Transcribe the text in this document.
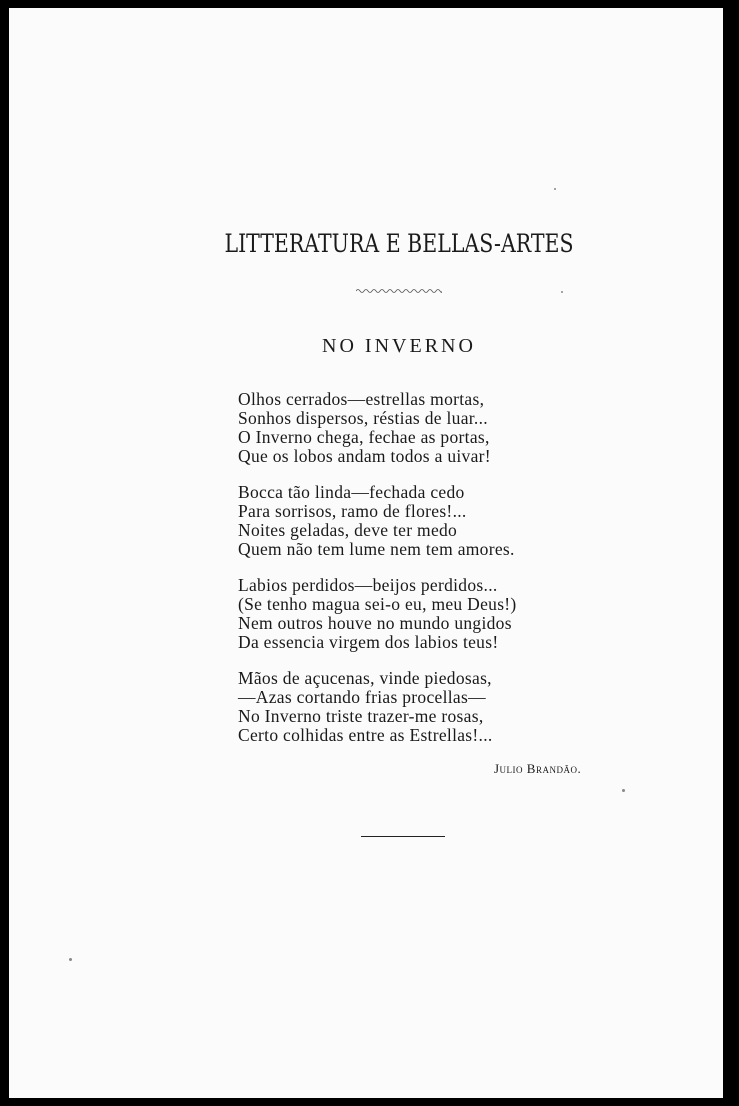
LITTERATURA E BELLAS-ARTES
NO INVERNO
Olhos cerrados—estrellas mortas,
Sonhos dispersos, réstias de luar...
O Inverno chega, fechae as portas,
Que os lobos andam todos a uivar!
Bocca tão linda—fechada cedo
Para sorrisos, ramo de flores!...
Noites geladas, deve ter medo
Quem não tem lume nem tem amores.
Labios perdidos—beijos perdidos...
(Se tenho magua sei-o eu, meu Deus!)
Nem outros houve no mundo ungidos
Da essencia virgem dos labios teus!
Mãos de açucenas, vinde piedosas,
—Azas cortando frias procellas—
No Inverno triste trazer-me rosas,
Certo colhidas entre as Estrellas!...
Julio Brandão.
